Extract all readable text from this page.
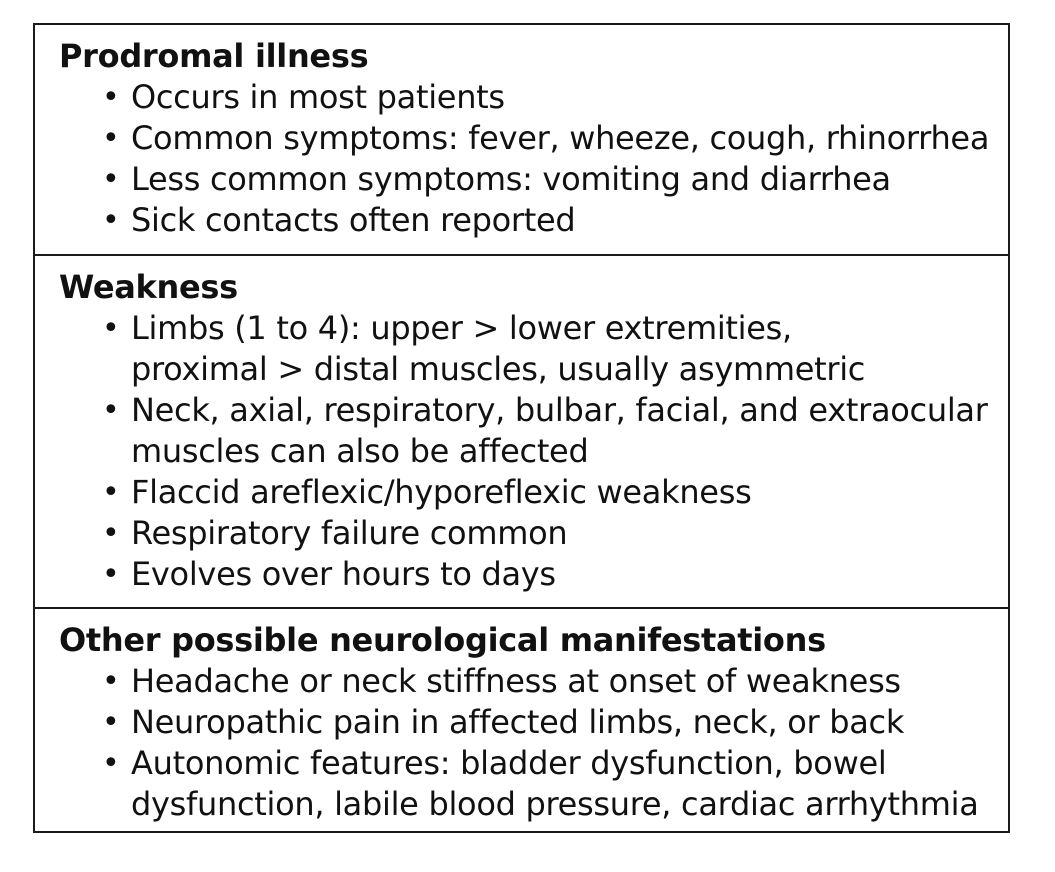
Prodromal illness
• Occurs in most patients
• Common symptoms: fever, wheeze, cough, rhinorrhea
• Less common symptoms: vomiting and diarrhea
• Sick contacts often reported
Weakness
• Limbs (1 to 4): upper > lower extremities,
proximal > distal muscles, usually asymmetric
• Neck, axial, respiratory, bulbar, facial, and extraocular
muscles can also be affected
• Flaccid areflexic/hyporeflexic weakness
• Respiratory failure common
• Evolves over hours to days
Other possible neurological manifestations
• Headache or neck stiffness at onset of weakness
• Neuropathic pain in affected limbs, neck, or back
• Autonomic features: bladder dysfunction, bowel
dysfunction, labile blood pressure, cardiac arrhythmia
